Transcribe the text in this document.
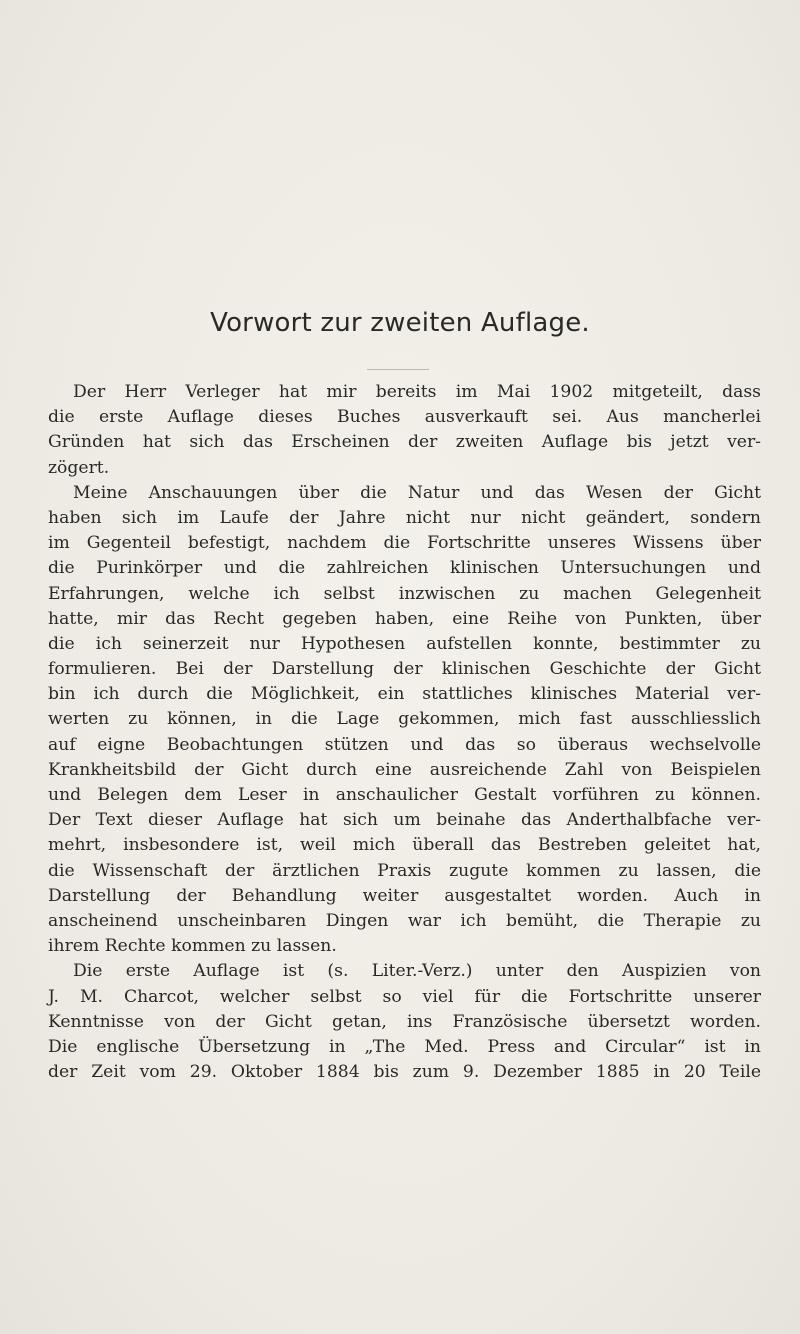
Vorwort zur zweiten Auflage.
Der Herr Verleger hat mir bereits im Mai 1902 mitgeteilt, dass
die erste Auflage dieses Buches ausverkauft sei. Aus mancherlei
Gründen hat sich das Erscheinen der zweiten Auflage bis jetzt ver-
zögert.
Meine Anschauungen über die Natur und das Wesen der Gicht
haben sich im Laufe der Jahre nicht nur nicht geändert, sondern
im Gegenteil befestigt, nachdem die Fortschritte unseres Wissens über
die Purinkörper und die zahlreichen klinischen Untersuchungen und
Erfahrungen, welche ich selbst inzwischen zu machen Gelegenheit
hatte, mir das Recht gegeben haben, eine Reihe von Punkten, über
die ich seinerzeit nur Hypothesen aufstellen konnte, bestimmter zu
formulieren. Bei der Darstellung der klinischen Geschichte der Gicht
bin ich durch die Möglichkeit, ein stattliches klinisches Material ver-
werten zu können, in die Lage gekommen, mich fast ausschliesslich
auf eigne Beobachtungen stützen und das so überaus wechselvolle
Krankheitsbild der Gicht durch eine ausreichende Zahl von Beispielen
und Belegen dem Leser in anschaulicher Gestalt vorführen zu können.
Der Text dieser Auflage hat sich um beinahe das Anderthalbfache ver-
mehrt, insbesondere ist, weil mich überall das Bestreben geleitet hat,
die Wissenschaft der ärztlichen Praxis zugute kommen zu lassen, die
Darstellung der Behandlung weiter ausgestaltet worden. Auch in
anscheinend unscheinbaren Dingen war ich bemüht, die Therapie zu
ihrem Rechte kommen zu lassen.
Die erste Auflage ist (s. Liter.-Verz.) unter den Auspizien von
J. M. Charcot, welcher selbst so viel für die Fortschritte unserer
Kenntnisse von der Gicht getan, ins Französische übersetzt worden.
Die englische Übersetzung in „The Med. Press and Circular“ ist in
der Zeit vom 29. Oktober 1884 bis zum 9. Dezember 1885 in 20 Teile
